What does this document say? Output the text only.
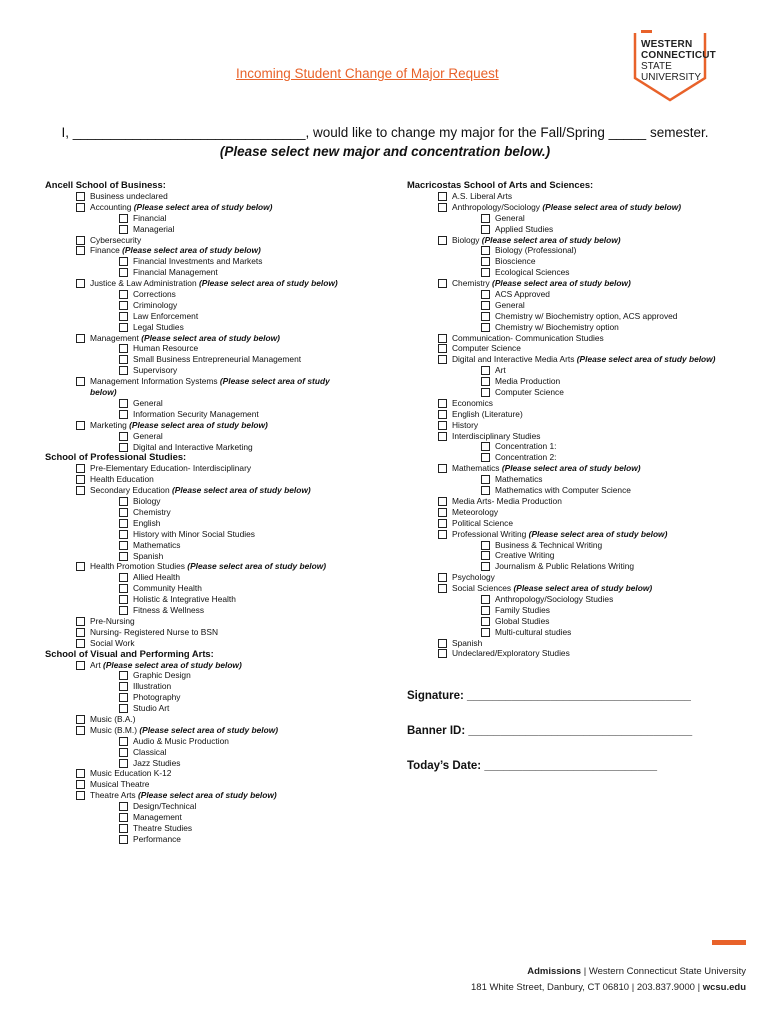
WESTERN
CONNECTICUT
STATE
UNIVERSITY
Incoming Student Change of Major Request
I, _______________________________, would like to change my major for the Fall/Spring _____ semester.
(Please select new major and concentration below.)
Ancell School of Business:
Business undeclared
Accounting (Please select area of study below)
Financial
Managerial
Cybersecurity
Finance (Please select area of study below)
Financial Investments and Markets
Financial Management
Justice & Law Administration (Please select area of study below)
Corrections
Criminology
Law Enforcement
Legal Studies
Management (Please select area of study below)
Human Resource
Small Business Entrepreneurial Management
Supervisory
Management Information Systems (Please select area of study below)
General
Information Security Management
Marketing (Please select area of study below)
General
Digital and Interactive Marketing
School of Professional Studies:
Pre-Elementary Education- Interdisciplinary
Health Education
Secondary Education (Please select area of study below)
Biology
Chemistry
English
History with Minor Social Studies
Mathematics
Spanish
Health Promotion Studies (Please select area of study below)
Allied Health
Community Health
Holistic & Integrative Health
Fitness & Wellness
Pre-Nursing
Nursing- Registered Nurse to BSN
Social Work
School of Visual and Performing Arts:
Art (Please select area of study below)
Graphic Design
Illustration
Photography
Studio Art
Music (B.A.)
Music (B.M.) (Please select area of study below)
Audio & Music Production
Classical
Jazz Studies
Music Education K-12
Musical Theatre
Theatre Arts (Please select area of study below)
Design/Technical
Management
Theatre Studies
Performance
Macricostas School of Arts and Sciences:
A.S. Liberal Arts
Anthropology/Sociology (Please select area of study below)
General
Applied Studies
Biology (Please select area of study below)
Biology (Professional)
Bioscience
Ecological Sciences
Chemistry (Please select area of study below)
ACS Approved
General
Chemistry w/ Biochemistry option, ACS approved
Chemistry w/ Biochemistry option
Communication- Communication Studies
Computer Science
Digital and Interactive Media Arts (Please select area of study below)
Art
Media Production
Computer Science
Economics
English (Literature)
History
Interdisciplinary Studies
Concentration 1:
Concentration 2:
Mathematics (Please select area of study below)
Mathematics
Mathematics with Computer Science
Media Arts- Media Production
Meteorology
Political Science
Professional Writing (Please select area of study below)
Business & Technical Writing
Creative Writing
Journalism & Public Relations Writing
Psychology
Social Sciences (Please select area of study below)
Anthropology/Sociology Studies
Family Studies
Global Studies
Multi-cultural studies
Spanish
Undeclared/Exploratory Studies
Signature: ___________________________________
Banner ID: ___________________________________
Today’s Date: ___________________________
Admissions | Western Connecticut State University
181 White Street, Danbury, CT 06810 | 203.837.9000 | wcsu.edu
